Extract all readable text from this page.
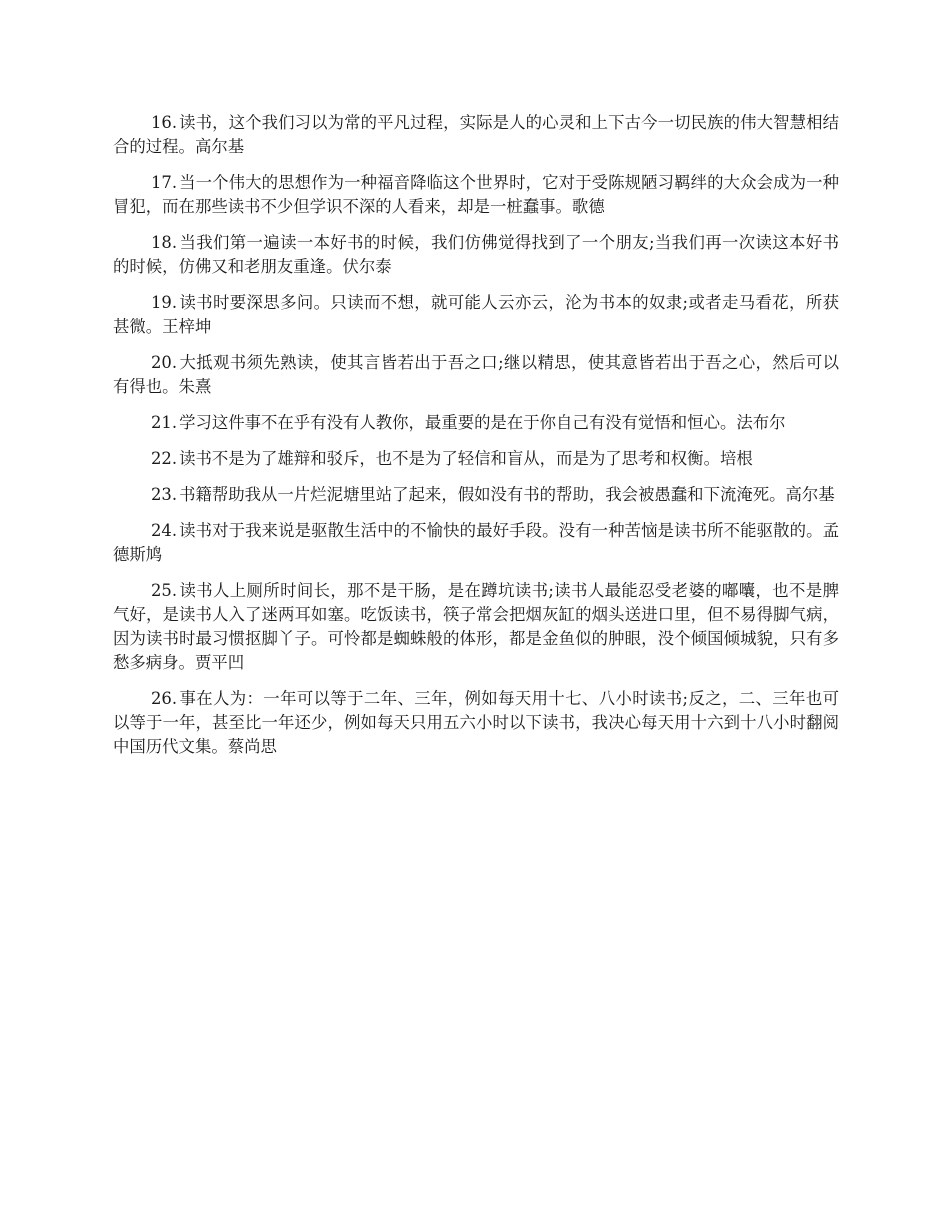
16. 读书，这个我们习以为常的平凡过程，实际是人的心灵和上下古今一切民族的伟大智慧相结合的过程。高尔基

17. 当一个伟大的思想作为一种福音降临这个世界时，它对于受陈规陋习羁绊的大众会成为一种冒犯，而在那些读书不少但学识不深的人看来，却是一桩蠢事。歌德

18. 当我们第一遍读一本好书的时候，我们仿佛觉得找到了一个朋友;当我们再一次读这本好书的时候，仿佛又和老朋友重逢。伏尔泰

19. 读书时要深思多问。只读而不想，就可能人云亦云，沦为书本的奴隶;或者走马看花，所获甚微。王梓坤

20. 大抵观书须先熟读，使其言皆若出于吾之口;继以精思，使其意皆若出于吾之心，然后可以有得也。朱熹

21. 学习这件事不在乎有没有人教你，最重要的是在于你自己有没有觉悟和恒心。法布尔

22. 读书不是为了雄辩和驳斥，也不是为了轻信和盲从，而是为了思考和权衡。培根

23. 书籍帮助我从一片烂泥塘里站了起来，假如没有书的帮助，我会被愚蠢和下流淹死。高尔基

24. 读书对于我来说是驱散生活中的不愉快的最好手段。没有一种苦恼是读书所不能驱散的。孟德斯鸠

25. 读书人上厕所时间长，那不是干肠，是在蹲坑读书;读书人最能忍受老婆的嘟囔，也不是脾气好，是读书人入了迷两耳如塞。吃饭读书，筷子常会把烟灰缸的烟头送进口里，但不易得脚气病，因为读书时最习惯抠脚丫子。可怜都是蜘蛛般的体形，都是金鱼似的肿眼，没个倾国倾城貌，只有多愁多病身。贾平凹

26. 事在人为：一年可以等于二年、三年，例如每天用十七、八小时读书;反之，二、三年也可以等于一年，甚至比一年还少，例如每天只用五六小时以下读书，我决心每天用十六到十八小时翻阅中国历代文集。蔡尚思
